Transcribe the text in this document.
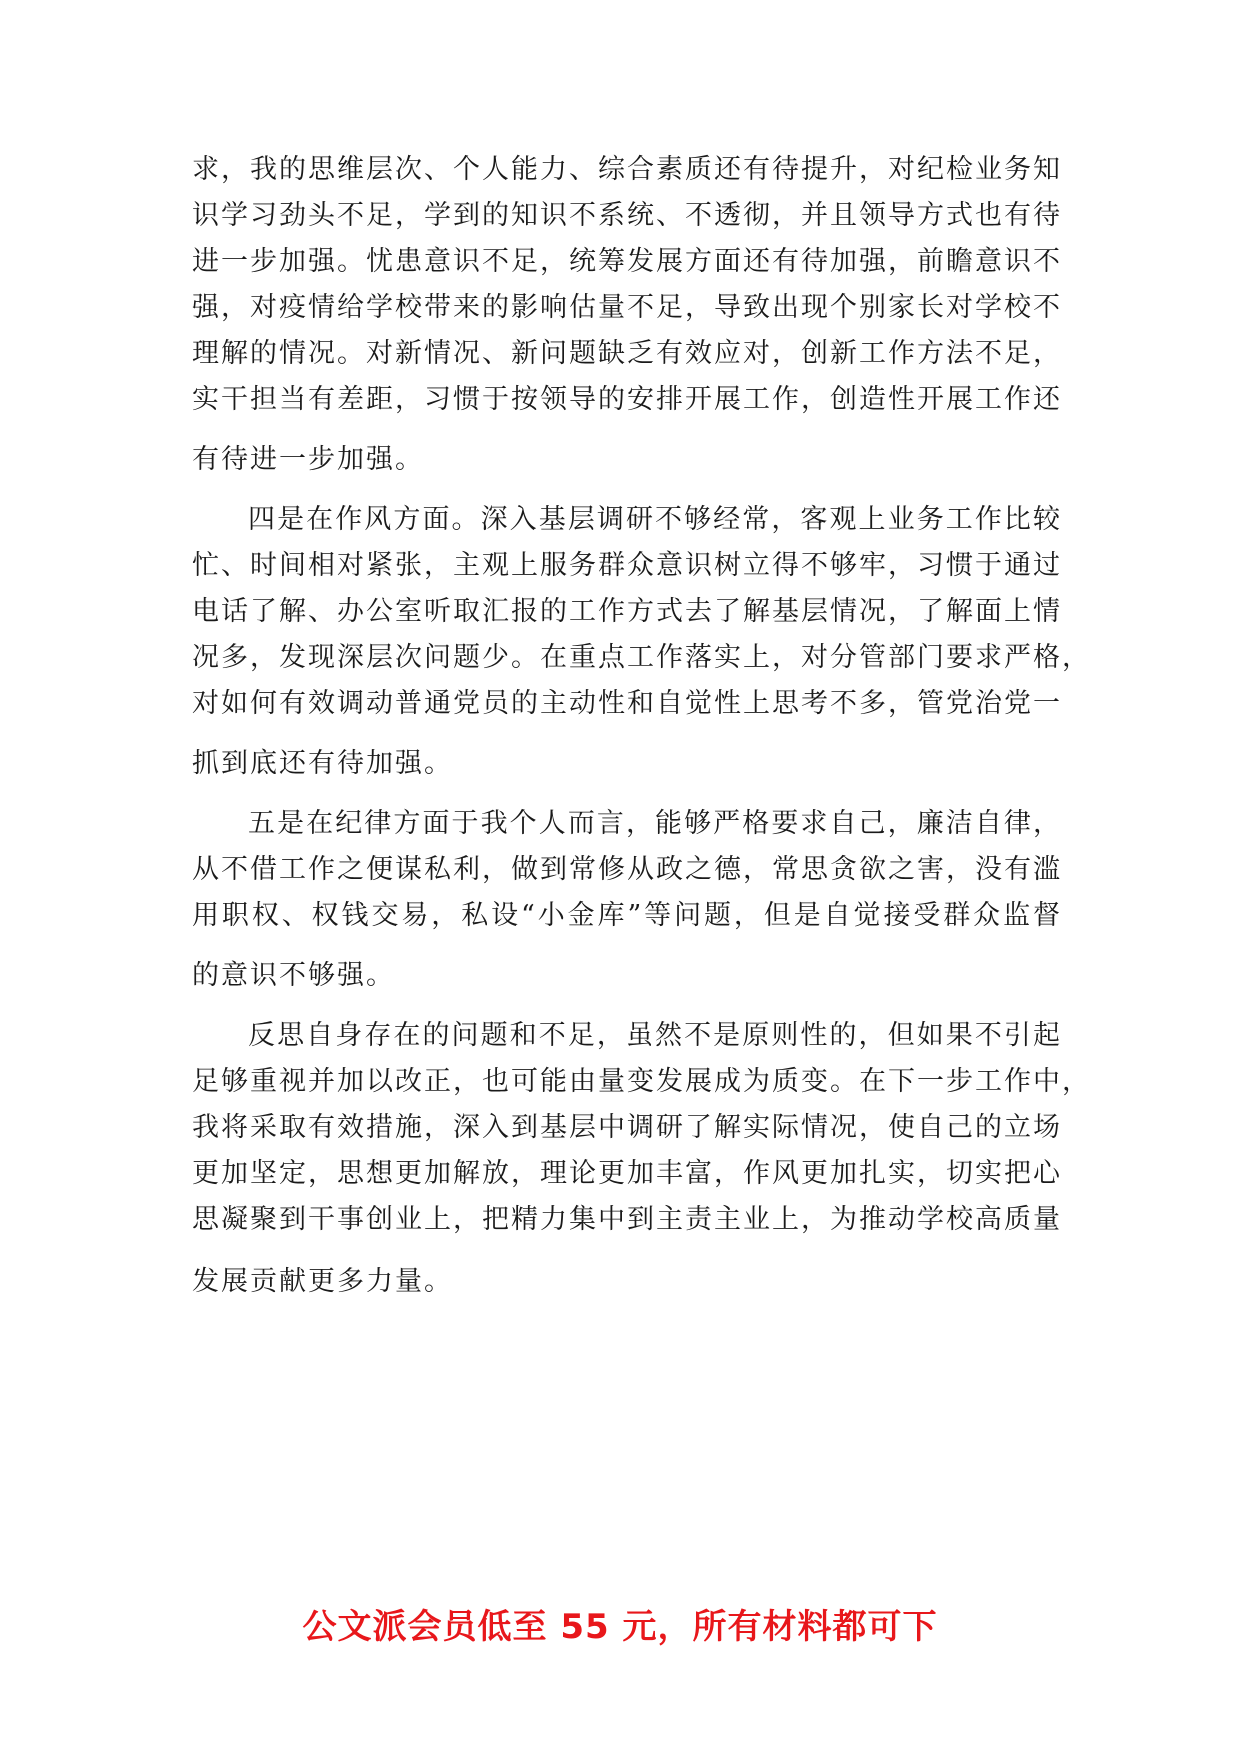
求，我的思维层次、个人能力、综合素质还有待提升，对纪检业务知
识学习劲头不足，学到的知识不系统、不透彻，并且领导方式也有待
进一步加强。忧患意识不足，统筹发展方面还有待加强，前瞻意识不
强，对疫情给学校带来的影响估量不足，导致出现个别家长对学校不
理解的情况。对新情况、新问题缺乏有效应对，创新工作方法不足，
实干担当有差距，习惯于按领导的安排开展工作，创造性开展工作还
有待进一步加强。
四是在作风方面。深入基层调研不够经常，客观上业务工作比较
忙、时间相对紧张，主观上服务群众意识树立得不够牢，习惯于通过
电话了解、办公室听取汇报的工作方式去了解基层情况，了解面上情
况多，发现深层次问题少。在重点工作落实上，对分管部门要求严格，
对如何有效调动普通党员的主动性和自觉性上思考不多，管党治党一
抓到底还有待加强。
五是在纪律方面于我个人而言，能够严格要求自己，廉洁自律，
从不借工作之便谋私利，做到常修从政之德，常思贪欲之害，没有滥
用职权、权钱交易，私设“小金库”等问题，但是自觉接受群众监督
的意识不够强。
反思自身存在的问题和不足，虽然不是原则性的，但如果不引起
足够重视并加以改正，也可能由量变发展成为质变。在下一步工作中，
我将采取有效措施，深入到基层中调研了解实际情况，使自己的立场
更加坚定，思想更加解放，理论更加丰富，作风更加扎实，切实把心
思凝聚到干事创业上，把精力集中到主责主业上，为推动学校高质量
发展贡献更多力量。
公文派会员低至 55 元，所有材料都可下
